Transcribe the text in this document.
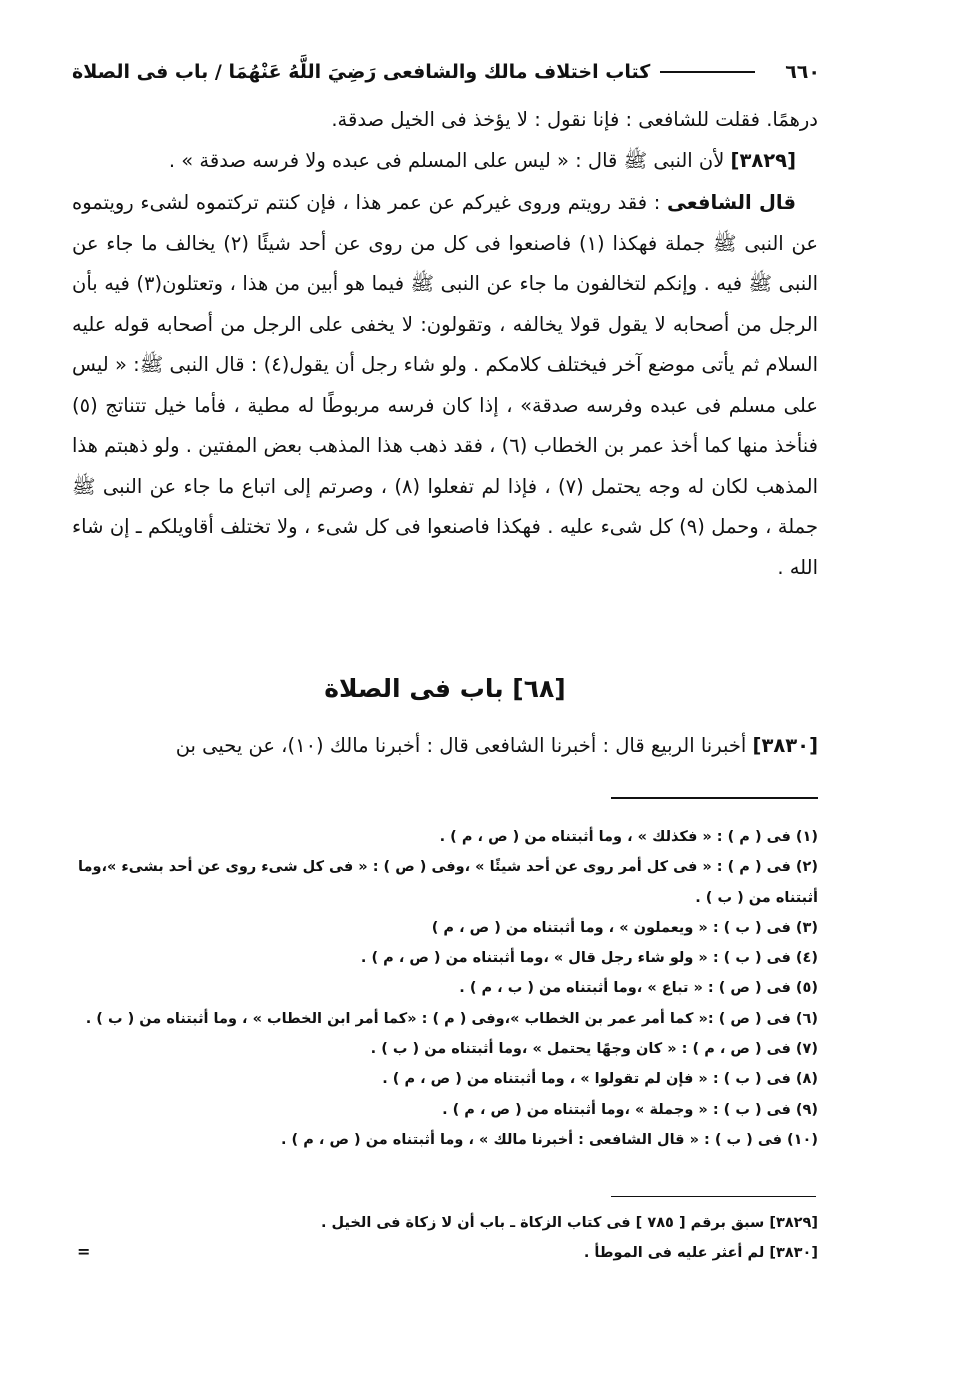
٦٦٠
كتاب اختلاف مالك والشافعى رَضِيَ اللَّهُ عَنْهُمَا

/

باب فى الصلاة

درهمًا. فقلت للشافعى : فإنا نقول : لا يؤخذ فى الخيل صدقة.

[٣٨٢٩] لأن النبى ﷺ قال : « ليس على المسلم فى عبده ولا فرسه صدقة » .

قال الشافعى : فقد رويتم وروى غيركم عن عمر هذا ، فإن كنتم تركتموه لشىء رويتموه عن النبى ﷺ جملة فهكذا (١) فاصنعوا فى كل من روى عن أحد شيئًا (٢) يخالف ما جاء عن النبى ﷺ فيه . وإنكم لتخالفون ما جاء عن النبى ﷺ فيما هو أبين من هذا ، وتعتلون(٣) فيه بأن الرجل من أصحابه لا يقول قولا يخالفه ، وتقولون: لا يخفى على الرجل من أصحابه قوله عليه السلام ثم يأتى موضع آخر فيختلف كلامكم . ولو شاء رجل أن يقول(٤) : قال النبى ﷺ: « ليس على مسلم فى عبده وفرسه صدقة» ، إذا كان فرسه مربوطًا له مطية ، فأما خيل تتناتج (٥) فنأخذ منها كما أخذ عمر بن الخطاب (٦) ، فقد ذهب هذا المذهب بعض المفتين . ولو ذهبتم هذا المذهب لكان له وجه يحتمل (٧) ، فإذا لم تفعلوا (٨) ، وصرتم إلى اتباع ما جاء عن النبى ﷺ جملة ، وحمل (٩) كل شىء عليه . فهكذا فاصنعوا فى كل شىء ، ولا تختلف أقاويلكم ـ إن شاء الله .

[٦٨] باب فى الصلاة
[٣٨٣٠] أخبرنا الربيع قال : أخبرنا الشافعى قال : أخبرنا مالك (١٠)، عن يحيى بن
(١) فى ( م ) : « فكذلك » ، وما أثبتناه من ( ص ، م ) .
(٢) فى ( م ) : « فى كل أمر روى عن أحد شيئًا » ،وفى ( ص ) : « فى كل شىء روى عن أحد بشىء »،وما أثبتناه من ( ب ) .
(٣) فى ( ب ) : « ويعملون » ، وما أثبتناه من ( ص ، م )
(٤) فى ( ب ) : « ولو شاء رجل قال » ،وما أثبتناه من ( ص ، م ) .
(٥) فى ( ص ) : « تباع » ،وما أثبتناه من ( ب ، م ) .
(٦) فى ( ص ) :« كما أمر عمر بن الخطاب »،وفى ( م ) : «كما أمر ابن الخطاب » ، وما أثبتناه من ( ب ) .
(٧) فى ( ص ، م ) : « كان وجهًا يحتمل » ،وما أثبتناه من ( ب ) .
(٨) فى ( ب ) : « فإن لم تقولوا » ، وما أثبتناه من ( ص ، م ) .
(٩) فى ( ب ) : « وجملة » ،وما أثبتناه من ( ص ، م ) .
(١٠) فى ( ب ) : « قال الشافعى : أخبرنا مالك » ، وما أثبتناه من ( ص ، م ) .
[٣٨٢٩] سبق برقم [ ٧٨٥ ] فى كتاب الزكاة ـ باب أن لا زكاة فى الخيل .
[٣٨٣٠] لم أعثر عليه فى الموطأ .
=
